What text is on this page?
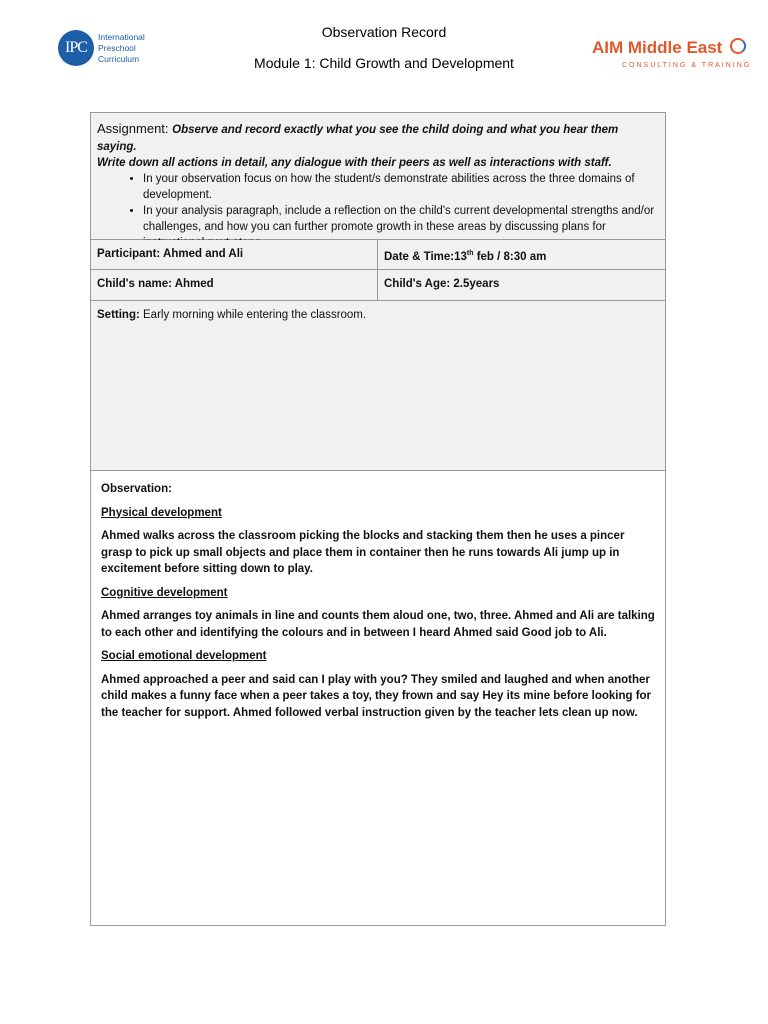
IPC
International
Preschool
Curriculum
Observation Record
Module 1: Child Growth and Development
AIM Middle East
CONSULTING & TRAINING
Assignment: Observe and record exactly what you see the child doing and what you hear them saying.
Write down all actions in detail, any dialogue with their peers as well as interactions with staff.
• In your observation focus on how the student/s demonstrate abilities across the three domains of development.
• In your analysis paragraph, include a reflection on the child's current developmental strengths and/or challenges, and how you can further promote growth in these areas by discussing plans for
Participant: Ahmed and Ali	Date & Time:13th feb / 8:30 am
Child's name: Ahmed	Child's Age: 2.5years
Setting: Early morning while entering the classroom.

Observation:

Physical development

Ahmed walks across the classroom picking the blocks and stacking them then he uses a pincer grasp to pick up small objects and place them in container then he runs towards Ali jump up in excitement before sitting down to play.

Cognitive development

Ahmed arranges toy animals in line and counts them aloud one, two, three. Ahmed and Ali are talking to each other and identifying the colours and in between I heard Ahmed said Good job to Ali.

Social emotional development

Ahmed approached a peer and said can I play with you? They smiled and laughed and when another child makes a funny face when a peer takes a toy, they frown and say Hey its mine before looking for the teacher for support. Ahmed followed verbal instruction given by the teacher lets clean up now.
